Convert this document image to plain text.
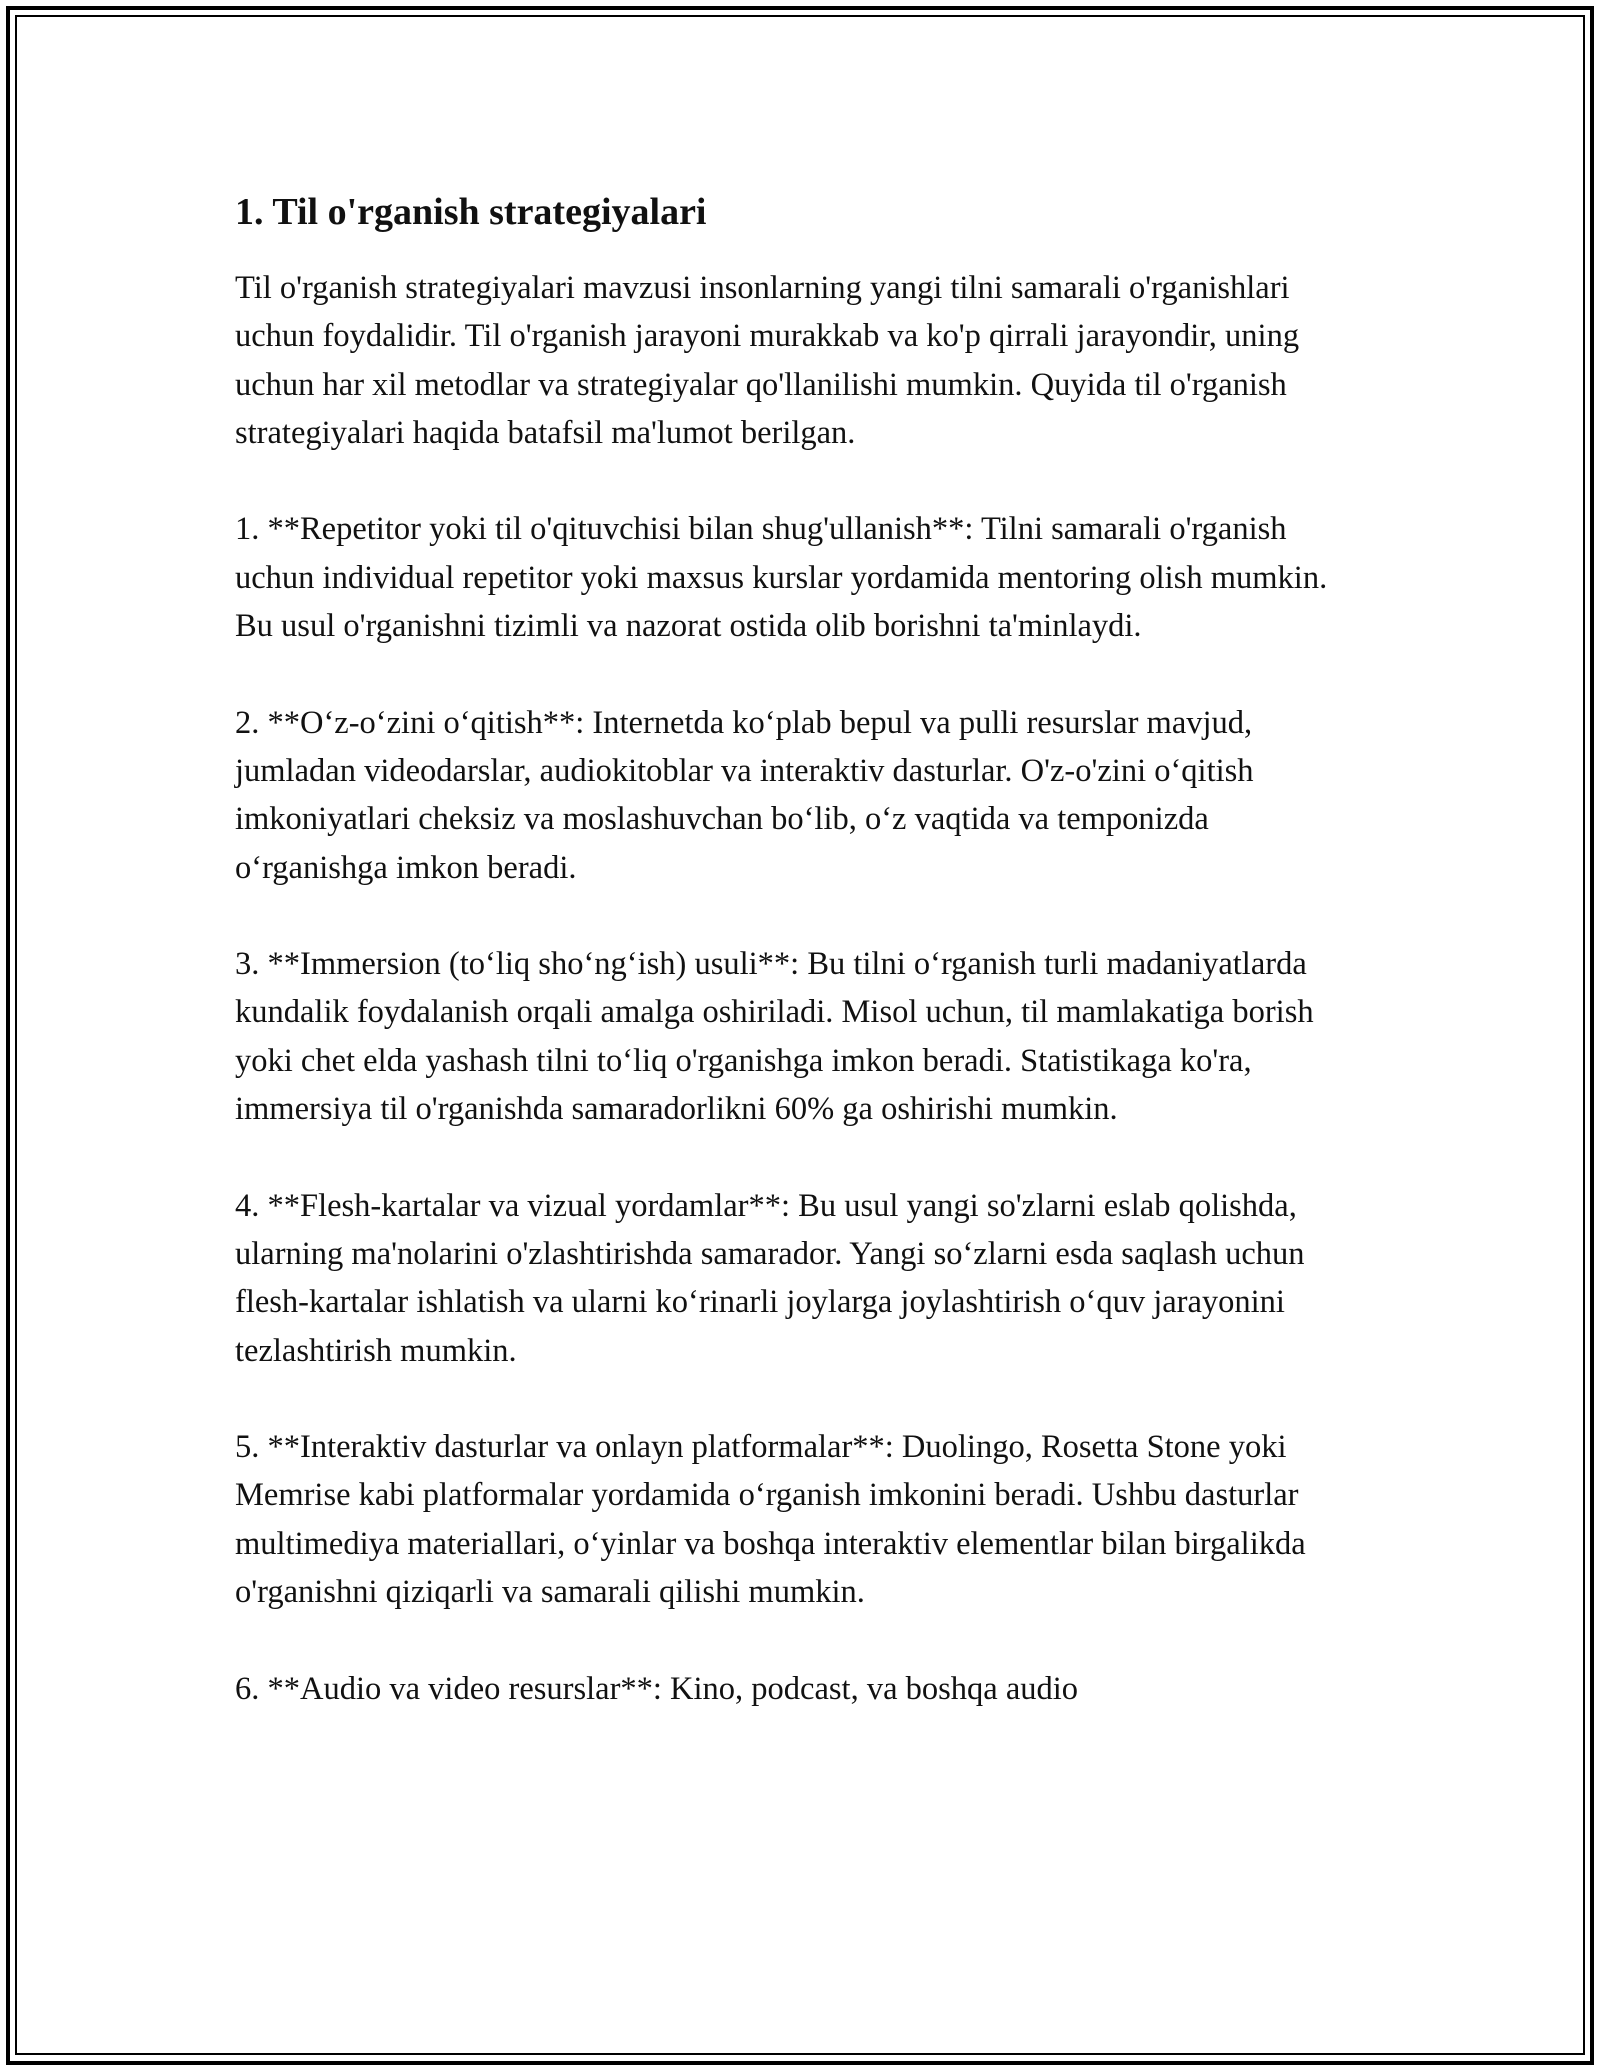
1. Til o'rganish strategiyalari

Til o'rganish strategiyalari mavzusi insonlarning yangi tilni samarali o'rganishlari uchun foydalidir. Til o'rganish jarayoni murakkab va ko'p qirrali jarayondir, uning uchun har xil metodlar va strategiyalar qo'llanilishi mumkin. Quyida til o'rganish strategiyalari haqida batafsil ma'lumot berilgan.

1. **Repetitor yoki til o'qituvchisi bilan shug'ullanish**: Tilni samarali o'rganish uchun individual repetitor yoki maxsus kurslar yordamida mentoring olish mumkin. Bu usul o'rganishni tizimli va nazorat ostida olib borishni ta'minlaydi.

2. **O‘z-o‘zini o‘qitish**: Internetda ko‘plab bepul va pulli resurslar mavjud, jumladan videodarslar, audiokitoblar va interaktiv dasturlar. O'z-o'zini o‘qitish imkoniyatlari cheksiz va moslashuvchan bo‘lib, o‘z vaqtida va temponizda o‘rganishga imkon beradi.

3. **Immersion (to‘liq sho‘ng‘ish) usuli**: Bu tilni o‘rganish turli madaniyatlarda kundalik foydalanish orqali amalga oshiriladi. Misol uchun, til mamlakatiga borish yoki chet elda yashash tilni to‘liq o'rganishga imkon beradi. Statistikaga ko'ra, immersiya til o'rganishda samaradorlikni 60% ga oshirishi mumkin.

4. **Flesh-kartalar va vizual yordamlar**: Bu usul yangi so'zlarni eslab qolishda, ularning ma'nolarini o'zlashtirishda samarador. Yangi so‘zlarni esda saqlash uchun flesh-kartalar ishlatish va ularni ko‘rinarli joylarga joylashtirish o‘quv jarayonini tezlashtirish mumkin.

5. **Interaktiv dasturlar va onlayn platformalar**: Duolingo, Rosetta Stone yoki Memrise kabi platformalar yordamida o‘rganish imkonini beradi. Ushbu dasturlar multimediya materiallari, o‘yinlar va boshqa interaktiv elementlar bilan birgalikda o'rganishni qiziqarli va samarali qilishi mumkin.

6. **Audio va video resurslar**: Kino, podcast, va boshqa audio
